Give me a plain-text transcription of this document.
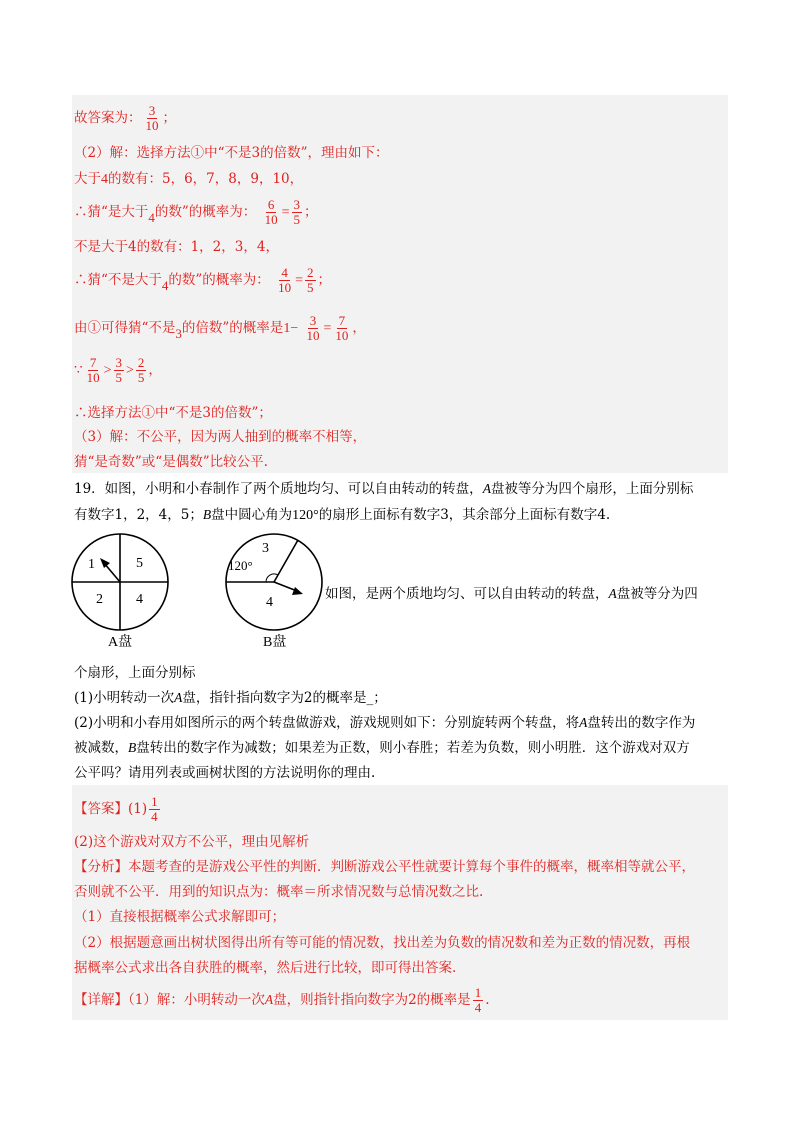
故答案为： $\frac{3}{10}$ ；
（2）解：选择方法①中“不是3的倍数”，理由如下：
大于4的数有：5，6，7，8，9，10，
∴猜“是大于4的数”的概率为： $\frac{6}{10} = \frac{3}{5}$ ；
不是大于4的数有：1，2，3，4，
∴猜“不是大于4的数”的概率为： $\frac{4}{10} = \frac{2}{5}$ ；
由①可得猜“不是3的倍数”的概率是$1- \frac{3}{10} = \frac{7}{10}$ ，
∵ $\frac{7}{10} > \frac{3}{5} > \frac{2}{5}$ ，
∴选择方法①中“不是3的倍数”；
（3）解：不公平，因为两人抽到的概率不相等，
猜“是奇数”或“是偶数”比较公平.
19．如图，小明和小春制作了两个质地均匀、可以自由转动的转盘，A盘被等分为四个扇形，上面分别标
有数字1，2，4，5；B盘中圆心角为120°的扇形上面标有数字3，其余部分上面标有数字4.
1	5
2 4
A盘
3
120°
4
B盘
如图，是两个质地均匀、可以自由转动的转盘，A盘被等分为四
个扇形，上面分别标
(1)小明转动一次A盘，指针指向数字为2的概率是_；
(2)小明和小春用如图所示的两个转盘做游戏，游戏规则如下：分别旋转两个转盘，将A盘转出的数字作为
被减数，B盘转出的数字作为减数；如果差为正数，则小春胜；若差为负数，则小明胜．这个游戏对双方
公平吗？请用列表或画树状图的方法说明你的理由.
【答案】$(1) \frac{1}{4}$
(2)这个游戏对双方不公平，理由见解析
【分析】本题考查的是游戏公平性的判断．判断游戏公平性就要计算每个事件的概率，概率相等就公平，
否则就不公平．用到的知识点为：概率＝所求情况数与总情况数之比.
（1）直接根据概率公式求解即可；
（2）根据题意画出树状图得出所有等可能的情况数，找出差为负数的情况数和差为正数的情况数，再根
据概率公式求出各自获胜的概率，然后进行比较，即可得出答案.
【详解】（1）解：小明转动一次A盘，则指针指向数字为2的概率是 $\frac{1}{4}$ .
